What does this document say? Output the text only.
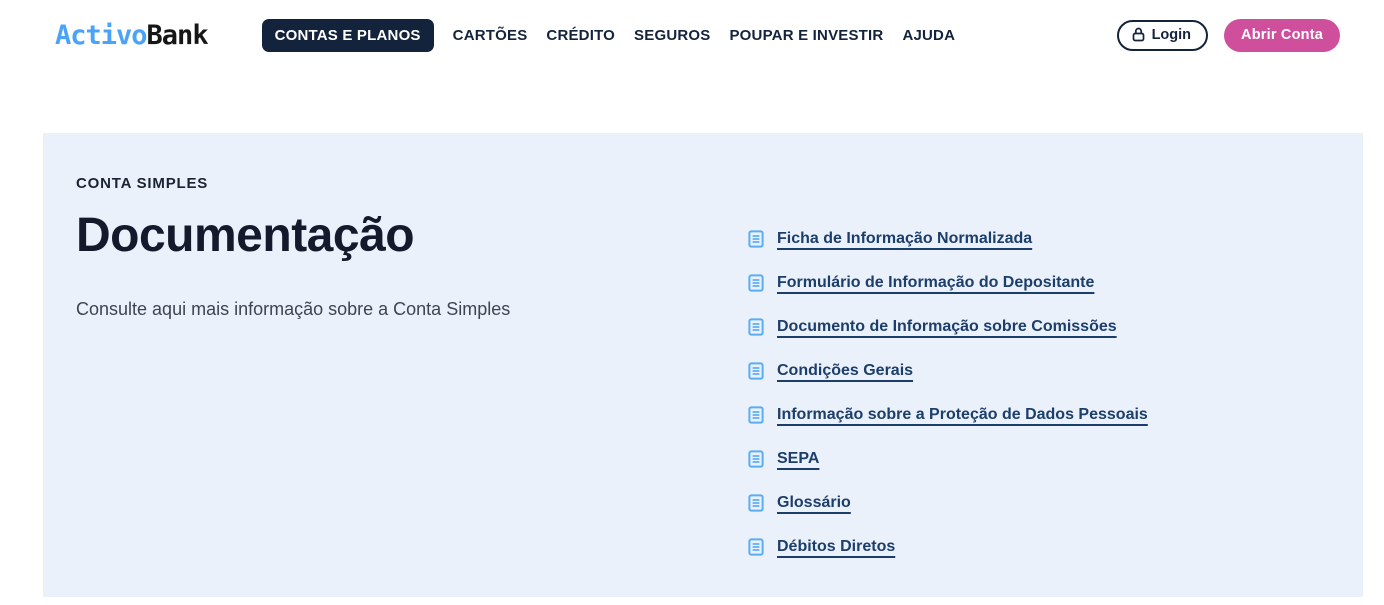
ActivoBank	CONTAS E PLANOS	CARTÕES CRÉDITO SEGUROS POUPAR E INVESTIR AJUDA	Login	Abrir Conta
CONTA SIMPLES
Documentação
Consulte aqui mais informação sobre a Conta Simples
Ficha de Informação Normalizada
Formulário de Informação do Depositante
Documento de Informação sobre Comissões
Condições Gerais
Informação sobre a Proteção de Dados Pessoais
SEPA
Glossário
Débitos Diretos
